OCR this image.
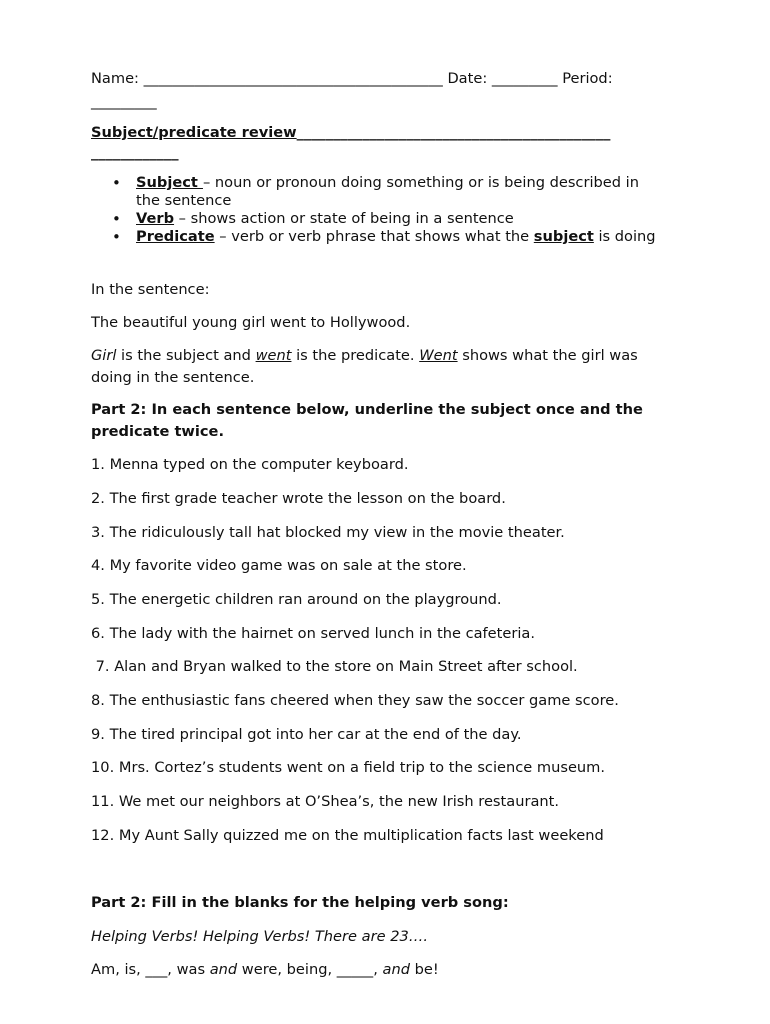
Name: _________________________________________ Date: _________ Period:
_________
Subject/predicate review___________________________________________
____________
• Subject – noun or pronoun doing something or is being described in
the sentence
• Verb – shows action or state of being in a sentence
• Predicate – verb or verb phrase that shows what the subject is doing
In the sentence:
The beautiful young girl went to Hollywood.
Girl is the subject and went is the predicate. Went shows what the girl was doing in the sentence.
Part 2: In each sentence below, underline the subject once and the predicate twice.
1. Menna typed on the computer keyboard.
2. The first grade teacher wrote the lesson on the board.
3. The ridiculously tall hat blocked my view in the movie theater.
4. My favorite video game was on sale at the store.
5. The energetic children ran around on the playground.
6. The lady with the hairnet on served lunch in the cafeteria.
7. Alan and Bryan walked to the store on Main Street after school.
8. The enthusiastic fans cheered when they saw the soccer game score.
9. The tired principal got into her car at the end of the day.
10. Mrs. Cortez’s students went on a field trip to the science museum.
11. We met our neighbors at O’Shea’s, the new Irish restaurant.
12. My Aunt Sally quizzed me on the multiplication facts last weekend
Part 2: Fill in the blanks for the helping verb song:
Helping Verbs! Helping Verbs! There are 23….
Am, is, ___, was and were, being, _____, and be!
